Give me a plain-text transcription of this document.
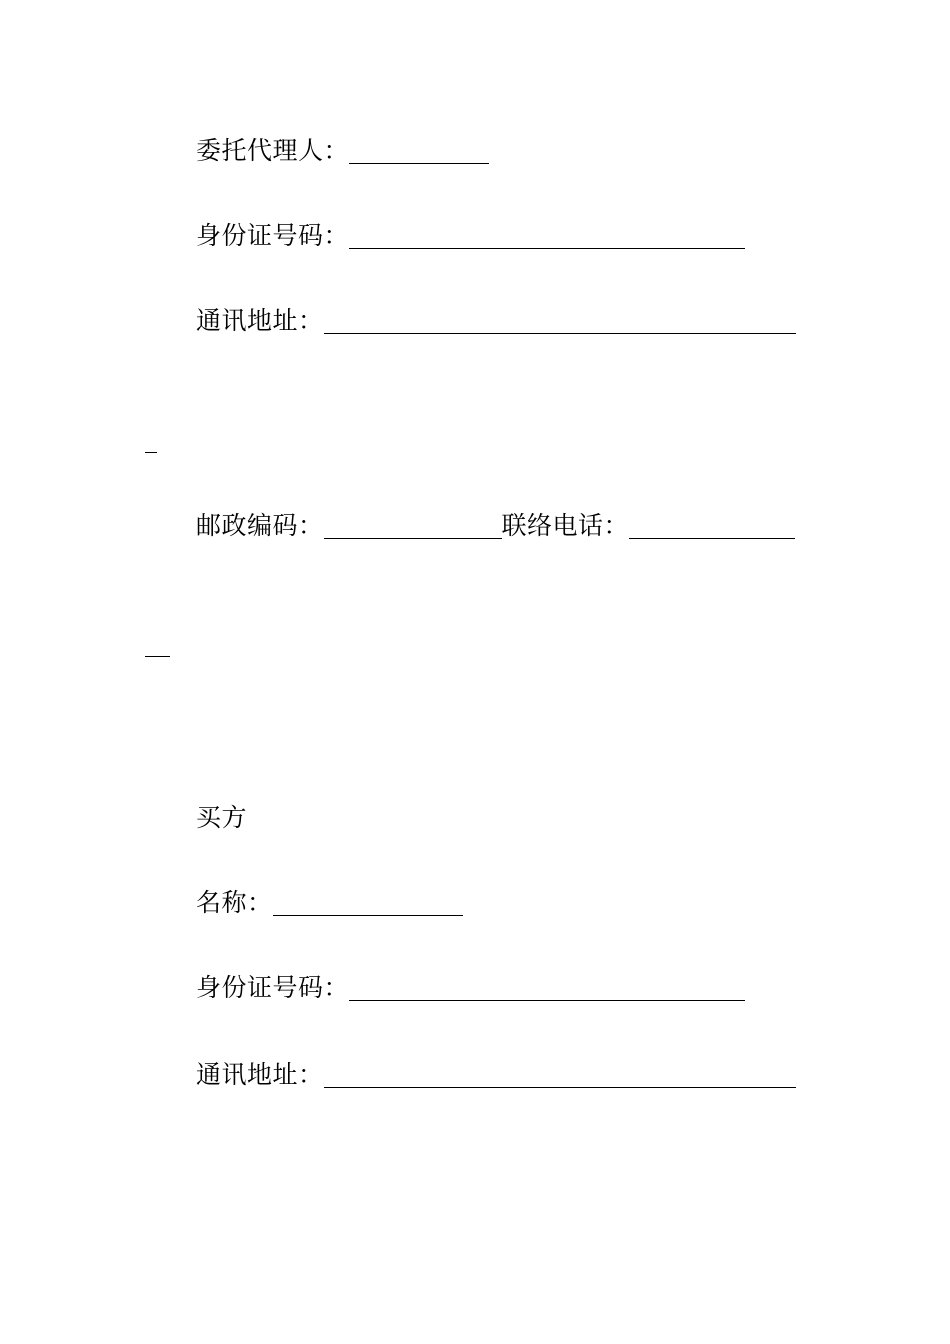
委托代理人：
身份证号码：
通讯地址：
邮政编码：	联络电话：
买方
名称：
身份证号码：
通讯地址：
